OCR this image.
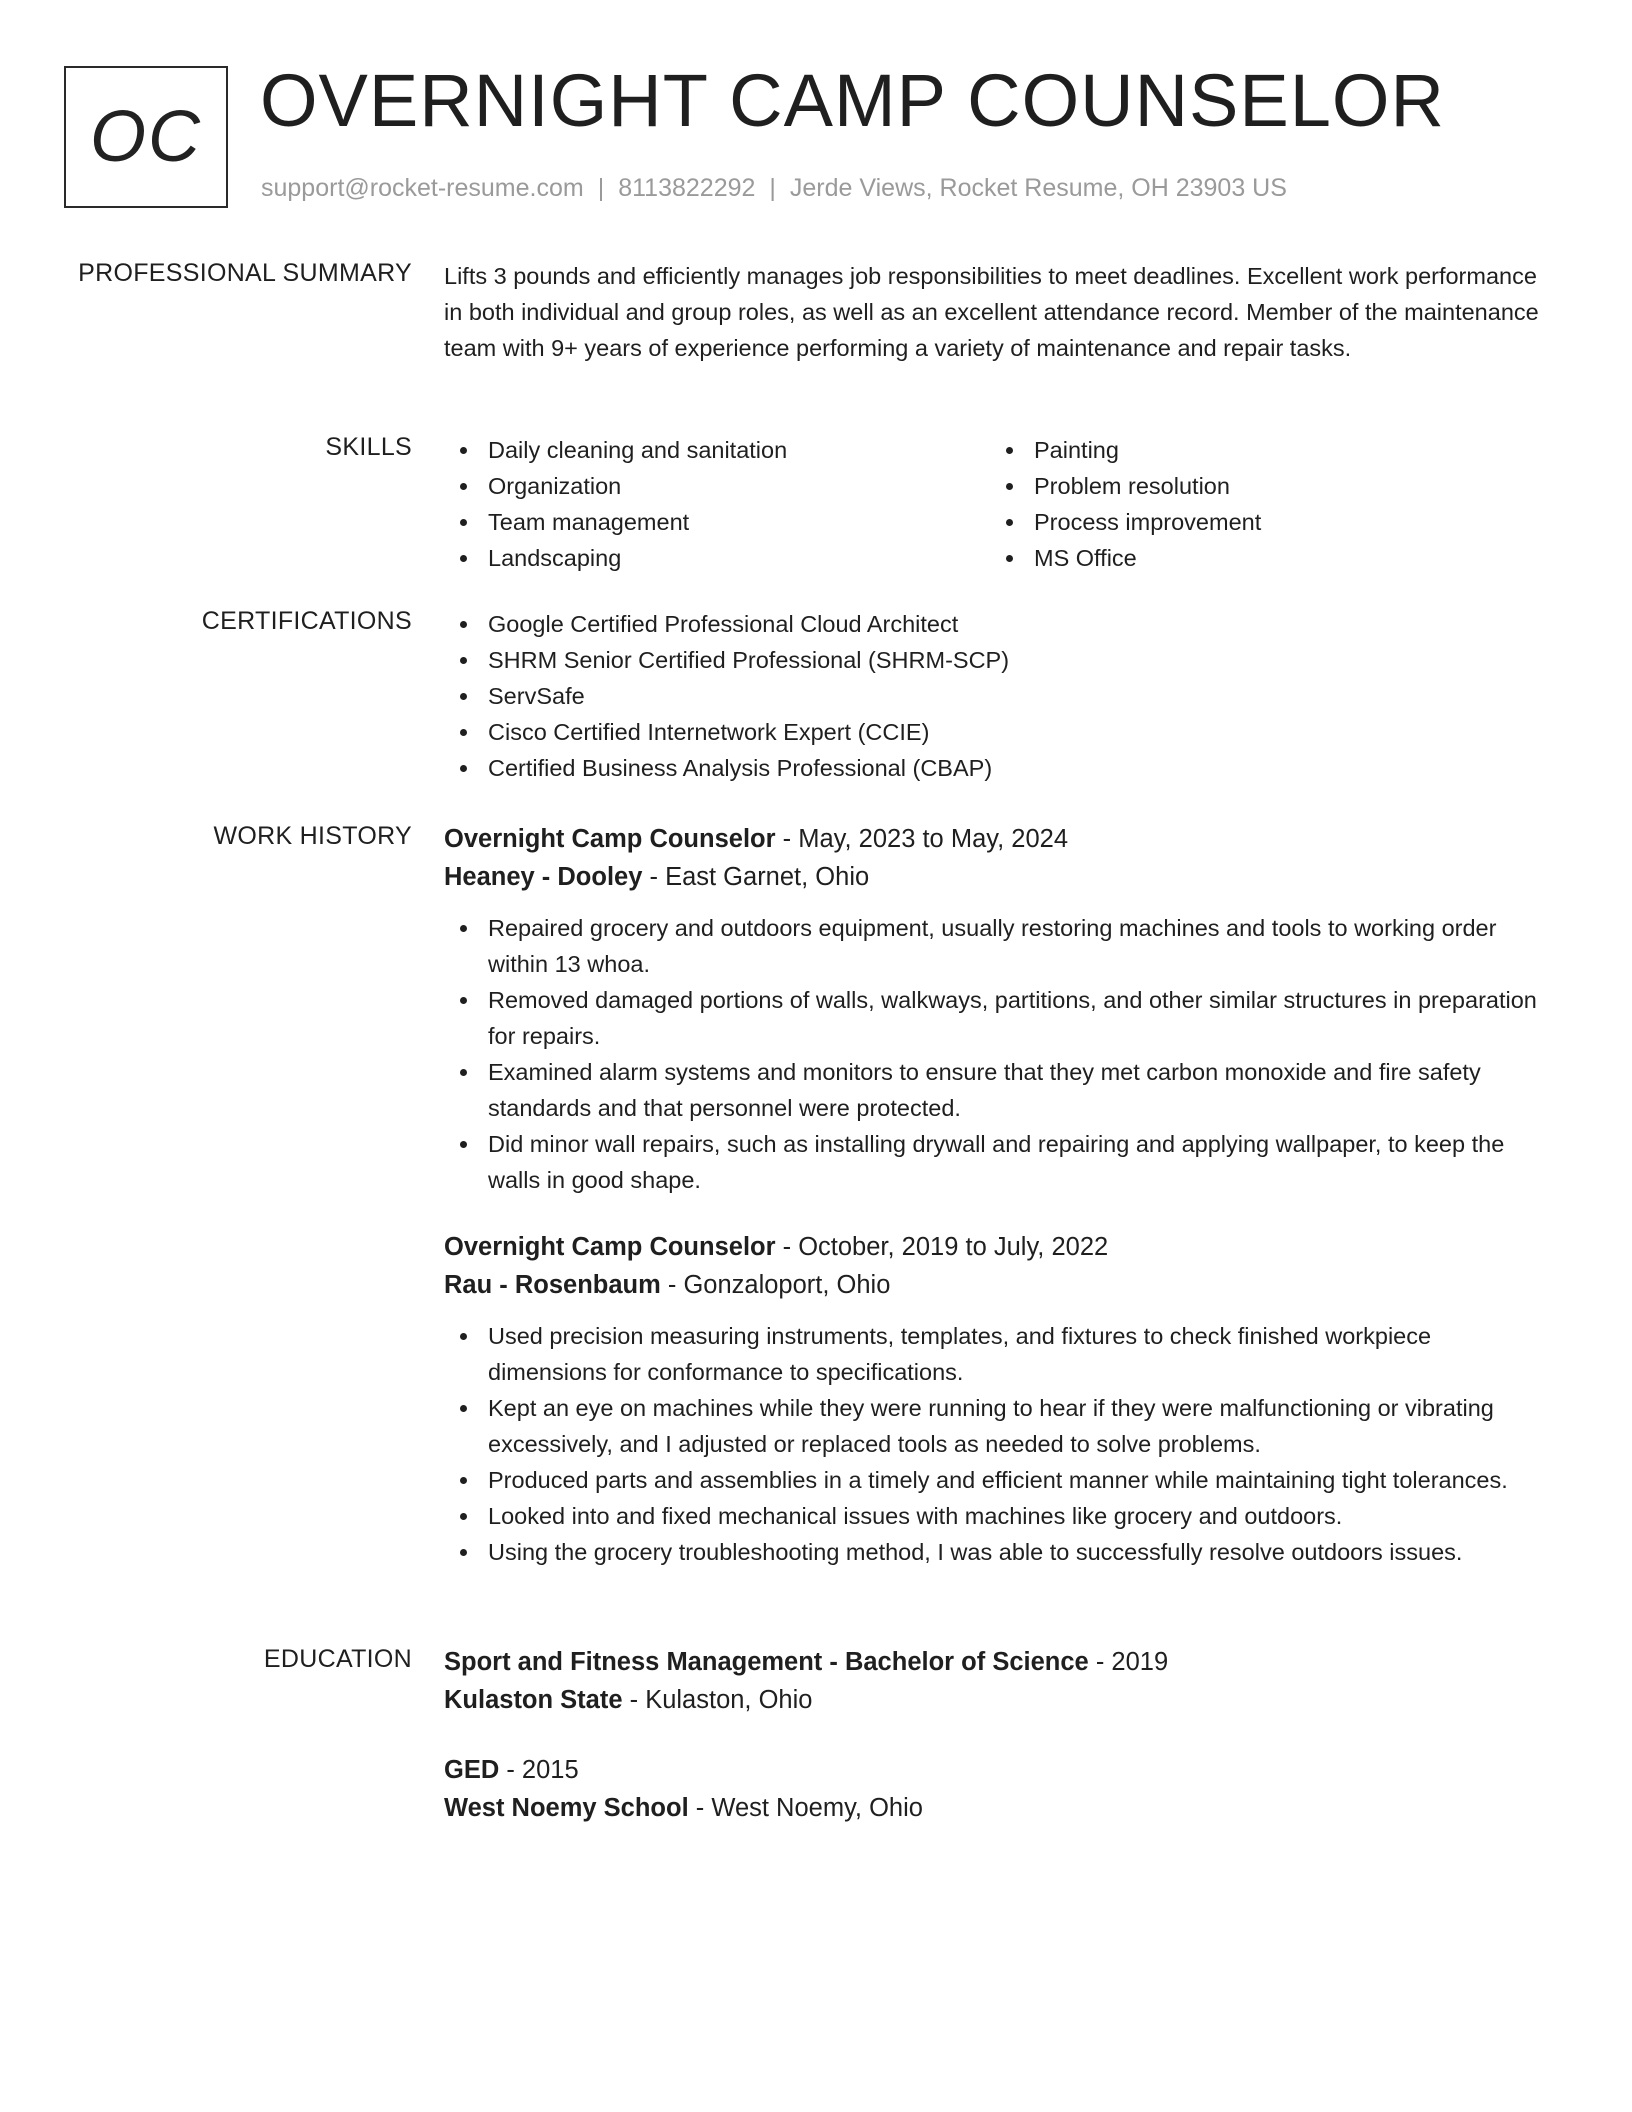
OC OVERNIGHT CAMP COUNSELOR
support@rocket-resume.com | 8113822292 | Jerde Views, Rocket Resume, OH 23903 US
PROFESSIONAL SUMMARY Lifts 3 pounds and efficiently manages job responsibilities to meet deadlines. Excellent work performance in both individual and group roles, as well as an excellent attendance record. Member of the maintenance team with 9+ years of experience performing a variety of maintenance and repair tasks.
SKILLS	Daily cleaning and sanitation
Organization
Team management
Landscaping
Painting
Problem resolution
Process improvement
MS Office
CERTIFICATIONS	Google Certified Professional Cloud Architect
SHRM Senior Certified Professional (SHRM-SCP)
ServSafe
Cisco Certified Internetwork Expert (CCIE)
Certified Business Analysis Professional (CBAP)
WORK HISTORY Overnight Camp Counselor - May, 2023 to May, 2024
Heaney - Dooley - East Garnet, Ohio
Repaired grocery and outdoors equipment, usually restoring machines and tools to working order within 13 whoa.
Removed damaged portions of walls, walkways, partitions, and other similar structures in preparation for repairs.
Examined alarm systems and monitors to ensure that they met carbon monoxide and fire safety standards and that personnel were protected.
Did minor wall repairs, such as installing drywall and repairing and applying wallpaper, to keep the walls in good shape.
Overnight Camp Counselor - October, 2019 to July, 2022
Rau - Rosenbaum - Gonzaloport, Ohio
Used precision measuring instruments, templates, and fixtures to check finished workpiece dimensions for conformance to specifications.
Kept an eye on machines while they were running to hear if they were malfunctioning or vibrating excessively, and I adjusted or replaced tools as needed to solve problems.
Produced parts and assemblies in a timely and efficient manner while maintaining tight tolerances.
Looked into and fixed mechanical issues with machines like grocery and outdoors.
Using the grocery troubleshooting method, I was able to successfully resolve outdoors issues.
EDUCATION Sport and Fitness Management - Bachelor of Science - 2019
Kulaston State - Kulaston, Ohio
GED - 2015
West Noemy School - West Noemy, Ohio
